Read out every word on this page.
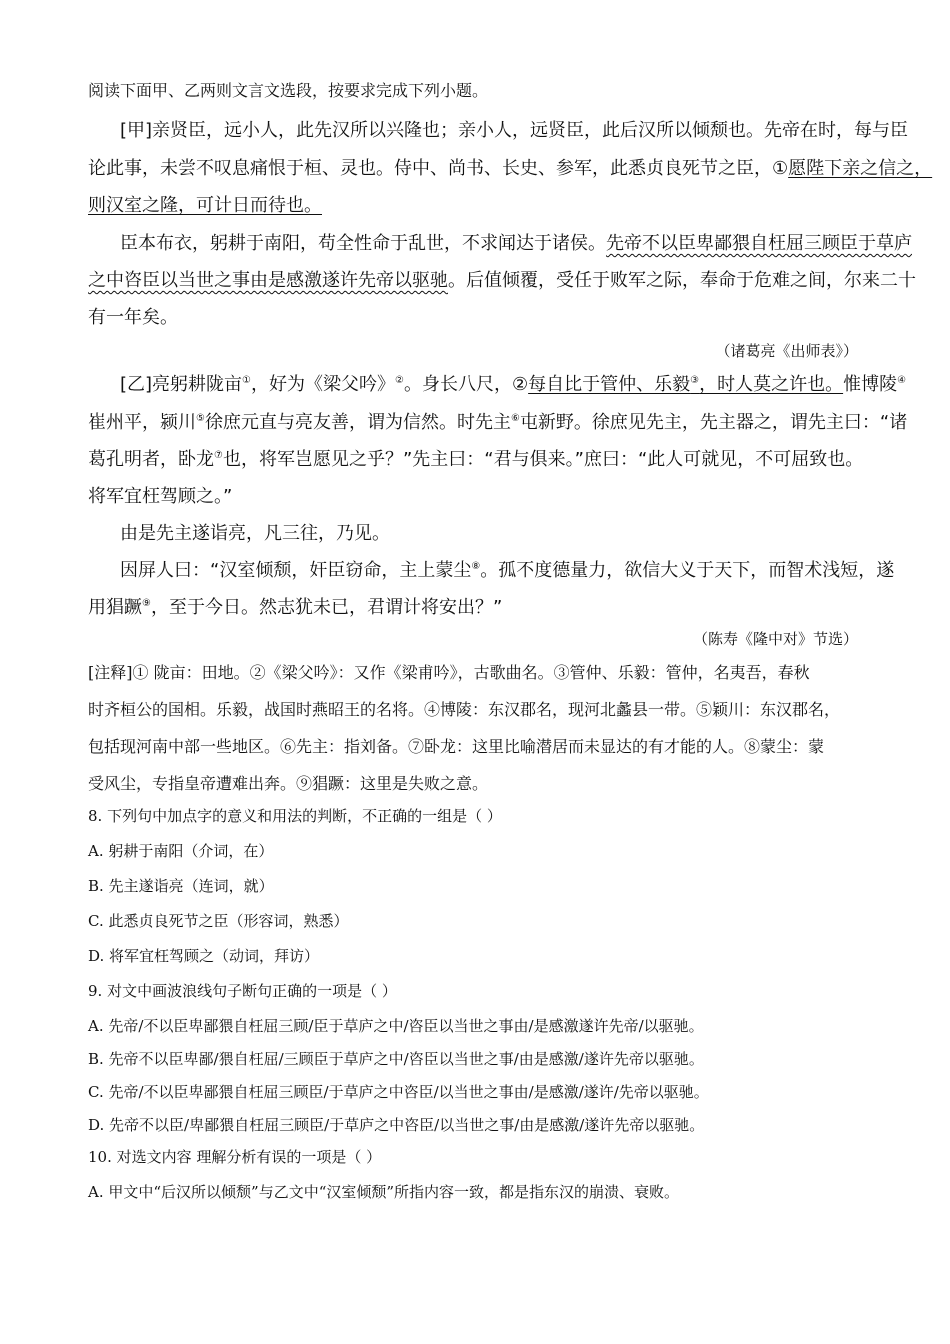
阅读下面甲、乙两则文言文选段，按要求完成下列小题。
[甲]亲贤臣，远小人，此先汉所以兴隆也；亲小人，远贤臣，此后汉所以倾颓也。先帝在时，每与臣
论此事，未尝不叹息痛恨于桓、灵也。侍中、尚书、长史、参军，此悉贞良死节之臣，①愿陛下亲之信之，
则汉室之隆，可计日而待也。
臣本布衣，躬耕于南阳，苟全性命于乱世，不求闻达于诸侯。先帝不以臣卑鄙猥自枉屈三顾臣于草庐
之中咨臣以当世之事由是感激遂许先帝以驱驰。后值倾覆，受任于败军之际，奉命于危难之间，尔来二十
有一年矣。
（诸葛亮《出师表》）
[乙]亮躬耕陇亩①，好为《梁父吟》②。身长八尺，②每自比于管仲、乐毅③，时人莫之许也。惟博陵④
崔州平，颍川⑤徐庶元直与亮友善，谓为信然。时先主⑥屯新野。徐庶见先主，先主器之，谓先主曰：“诸
葛孔明者，卧龙⑦也，将军岂愿见之乎？”先主曰：“君与俱来。”庶曰：“此人可就见，不可屈致也。
将军宜枉驾顾之。”
由是先主遂诣亮，凡三往，乃见。
因屏人曰：“汉室倾颓，奸臣窃命，主上蒙尘⑧。孤不度德量力，欲信大义于天下，而智术浅短，遂
用猖蹶⑨，至于今日。然志犹未已，君谓计将安出？”
（陈寿《隆中对》节选）
[注释]① 陇亩：田地。②《梁父吟》：又作《梁甫吟》，古歌曲名。③管仲、乐毅：管仲，名夷吾，春秋
时齐桓公的国相。乐毅，战国时燕昭王的名将。④博陵：东汉郡名，现河北蠡县一带。⑤颖川：东汉郡名，
包括现河南中部一些地区。⑥先主：指刘备。⑦卧龙：这里比喻潜居而未显达的有才能的人。⑧蒙尘：蒙
受风尘，专指皇帝遭难出奔。⑨猖蹶：这里是失败之意。
8. 下列句中加点字的意义和用法的判断，不正确的一组是（ ）
A. 躬耕于南阳（介词，在）
B. 先主遂诣亮（连词，就）
C. 此悉贞良死节之臣（形容词，熟悉）
D. 将军宜枉驾顾之（动词，拜访）
9. 对文中画波浪线句子断句正确的一项是（ ）
A. 先帝/不以臣卑鄙猥自枉屈三顾/臣于草庐之中/咨臣以当世之事由/是感激遂许先帝/以驱驰。
B. 先帝不以臣卑鄙/猥自枉屈/三顾臣于草庐之中/咨臣以当世之事/由是感激/遂许先帝以驱驰。
C. 先帝/不以臣卑鄙猥自枉屈三顾臣/于草庐之中咨臣/以当世之事由/是感激/遂许/先帝以驱驰。
D. 先帝不以臣/卑鄙猥自枉屈三顾臣/于草庐之中咨臣/以当世之事/由是感激/遂许先帝以驱驰。
10. 对选文内容 理解分析有误的一项是（ ）
A. 甲文中“后汉所以倾颓”与乙文中“汉室倾颓”所指内容一致，都是指东汉的崩溃、衰败。
